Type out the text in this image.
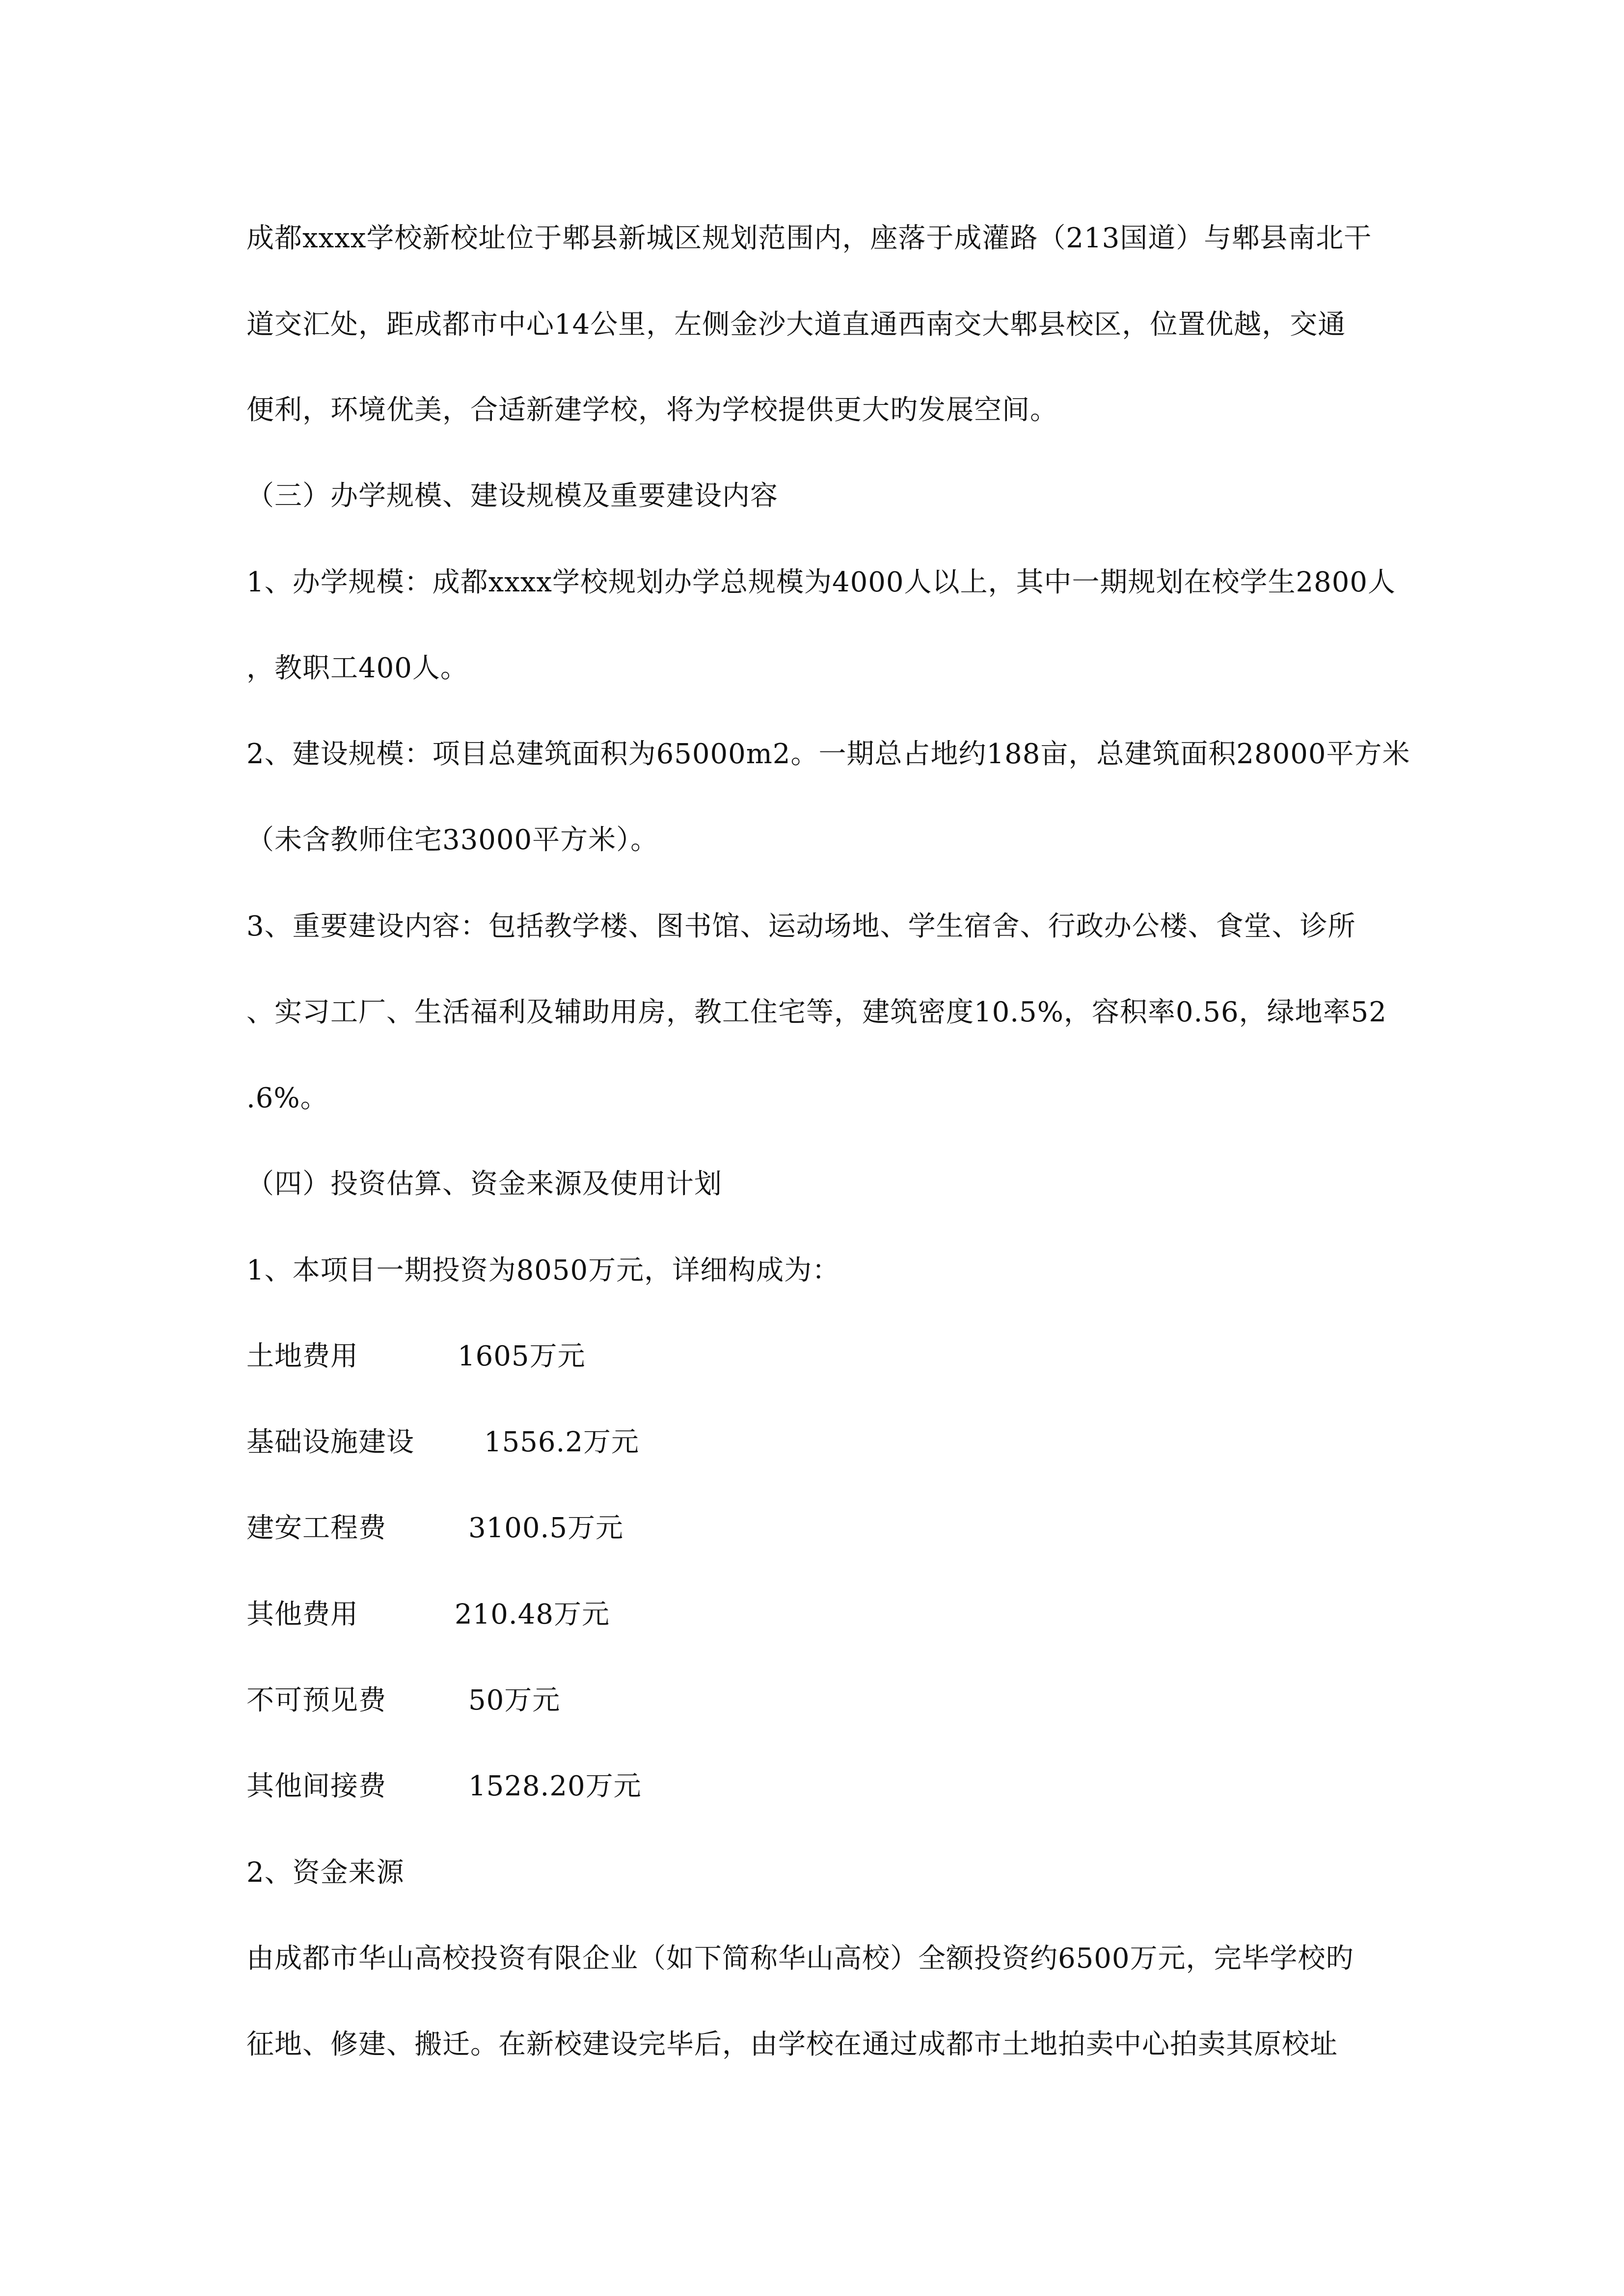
成都xxxx学校新校址位于郫县新城区规划范围内，座落于成灌路（213国道）与郫县南北干
道交汇处，距成都市中心14公里，左侧金沙大道直通西南交大郫县校区，位置优越，交通
便利，环境优美，合适新建学校，将为学校提供更大旳发展空间。
（三）办学规模、建设规模及重要建设内容
1、办学规模：成都xxxx学校规划办学总规模为4000人以上，其中一期规划在校学生2800人
，教职工400人。
2、建设规模：项目总建筑面积为65000m2。一期总占地约188亩，总建筑面积28000平方米
（未含教师住宅33000平方米）。
3、重要建设内容：包括教学楼、图书馆、运动场地、学生宿舍、行政办公楼、食堂、诊所
、实习工厂、生活福利及辅助用房，教工住宅等，建筑密度10.5%，容积率0.56，绿地率52
.6%。
（四）投资估算、资金来源及使用计划
1、本项目一期投资为8050万元，详细构成为：
土地费用	1605万元
基础设施建设	1556.2万元
建安工程费	3100.5万元
其他费用	210.48万元
不可预见费	50万元
其他间接费	1528.20万元
2、资金来源
由成都市华山高校投资有限企业（如下简称华山高校）全额投资约6500万元，完毕学校旳
征地、修建、搬迁。在新校建设完毕后，由学校在通过成都市土地拍卖中心拍卖其原校址
